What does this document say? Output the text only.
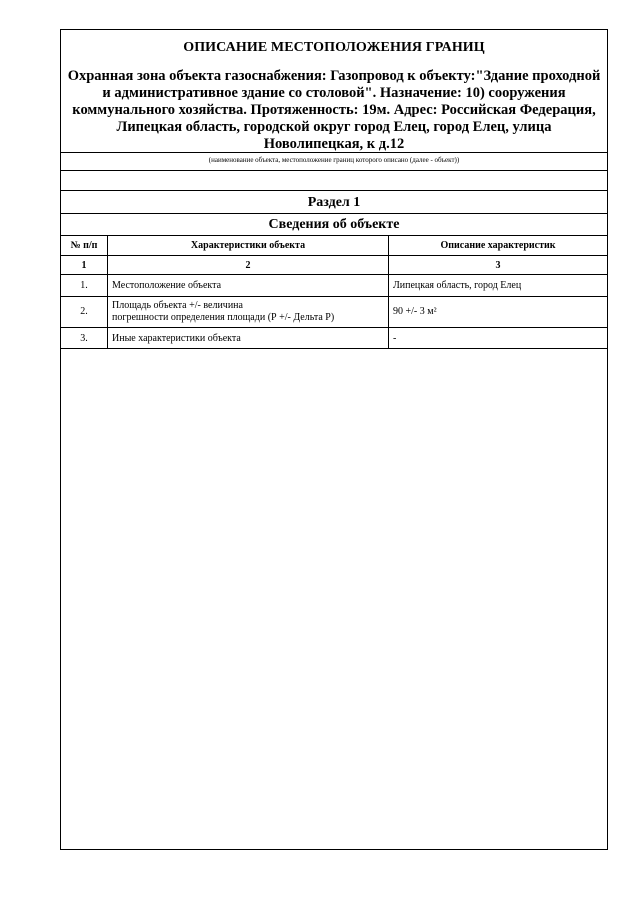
ОПИСАНИЕ МЕСТОПОЛОЖЕНИЯ ГРАНИЦ
Охранная зона объекта газоснабжения: Газопровод к объекту:"Здание проходной и административное здание со столовой". Назначение: 10) сооружения коммунального хозяйства. Протяженность: 19м. Адрес: Российская Федерация, Липецкая область, городской округ город Елец, город Елец, улица Новолипецкая, к д.12
(наименование объекта, местоположение границ которого описано (далее - объект))
Раздел 1
Сведения об объекте
№ п/п	Характеристики объекта	Описание характеристик
1	2	3
1.	Местоположение объекта	Липецкая область, город Елец
2.	Площадь объекта +/- величина
погрешности определения площади (Р +/- Дельта Р)	90 +/- 3 м²
3.	Иные характеристики объекта	-
